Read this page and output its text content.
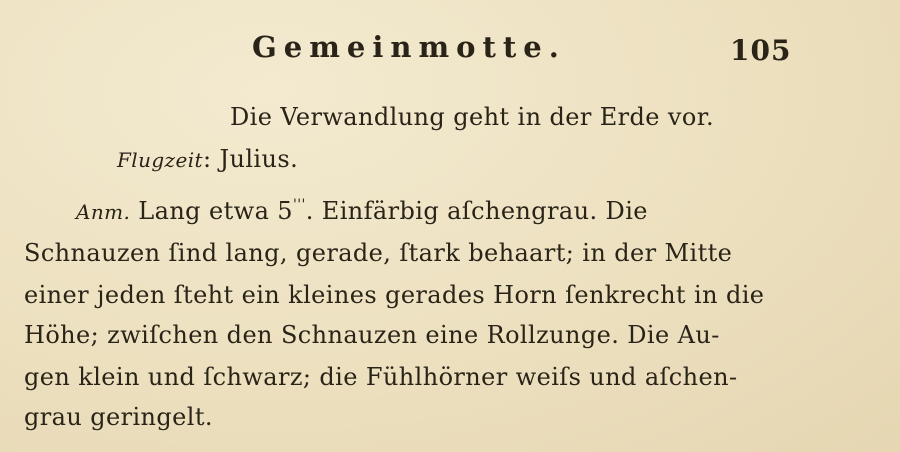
Gemeinmotte.	105
Die Verwandlung geht in der Erde vor.
Flugzeit: Julius.
Anm. Lang etwa 5'''. Einfärbig aſchengrau. Die
Schnauzen ſind lang, gerade, ſtark behaart; in der Mitte
einer jeden ſteht ein kleines gerades Horn ſenkrecht in die
Höhe; zwiſchen den Schnauzen eine Rollzunge. Die Au-
gen klein und ſchwarz; die Fühlhörner weiſs und aſchen-
grau geringelt.
